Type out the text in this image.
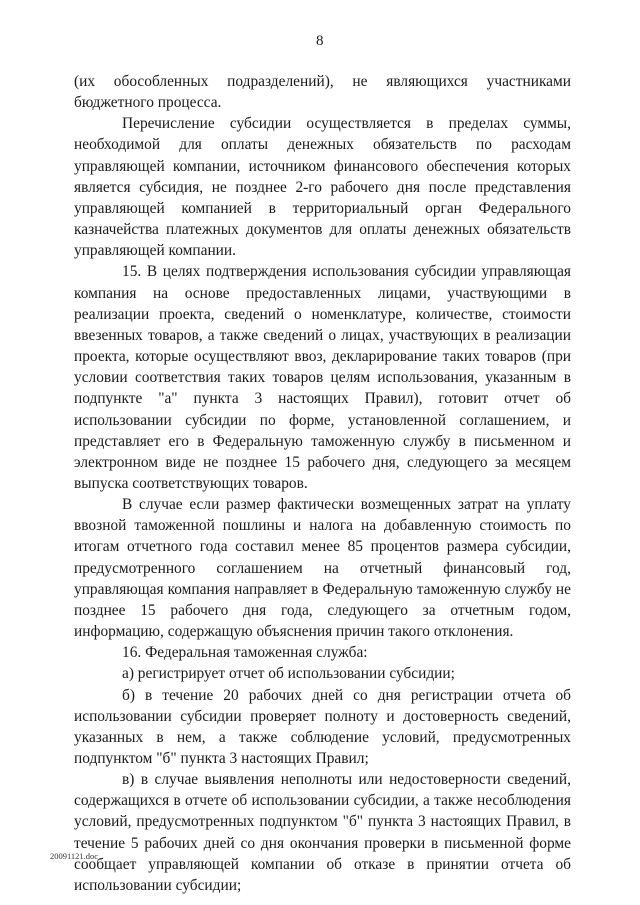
8

(их обособленных подразделений), не являющихся участниками бюджетного процесса.

Перечисление субсидии осуществляется в пределах суммы, необходимой для оплаты денежных обязательств по расходам управляющей компании, источником финансового обеспечения которых является субсидия, не позднее 2-го рабочего дня после представления управляющей компанией в территориальный орган Федерального казначейства платежных документов для оплаты денежных обязательств управляющей компании.

15. В целях подтверждения использования субсидии управляющая компания на основе предоставленных лицами, участвующими в реализации проекта, сведений о номенклатуре, количестве, стоимости ввезенных товаров, а также сведений о лицах, участвующих в реализации проекта, которые осуществляют ввоз, декларирование таких товаров (при условии соответствия таких товаров целям использования, указанным в подпункте "а" пункта 3 настоящих Правил), готовит отчет об использовании субсидии по форме, установленной соглашением, и представляет его в Федеральную таможенную службу в письменном и электронном виде не позднее 15 рабочего дня, следующего за месяцем выпуска соответствующих товаров.

В случае если размер фактически возмещенных затрат на уплату ввозной таможенной пошлины и налога на добавленную стоимость по итогам отчетного года составил менее 85 процентов размера субсидии, предусмотренного соглашением на отчетный финансовый год, управляющая компания направляет в Федеральную таможенную службу не позднее 15 рабочего дня года, следующего за отчетным годом, информацию, содержащую объяснения причин такого отклонения.

16. Федеральная таможенная служба:

а) регистрирует отчет об использовании субсидии;

б) в течение 20 рабочих дней со дня регистрации отчета об использовании субсидии проверяет полноту и достоверность сведений, указанных в нем, а также соблюдение условий, предусмотренных подпунктом "б" пункта 3 настоящих Правил;

в) в случае выявления неполноты или недостоверности сведений, содержащихся в отчете об использовании субсидии, а также несоблюдения условий, предусмотренных подпунктом "б" пункта 3 настоящих Правил, в течение 5 рабочих дней со дня окончания проверки в письменной форме сообщает управляющей компании об отказе в принятии отчета об использовании субсидии;

20091121.doc
